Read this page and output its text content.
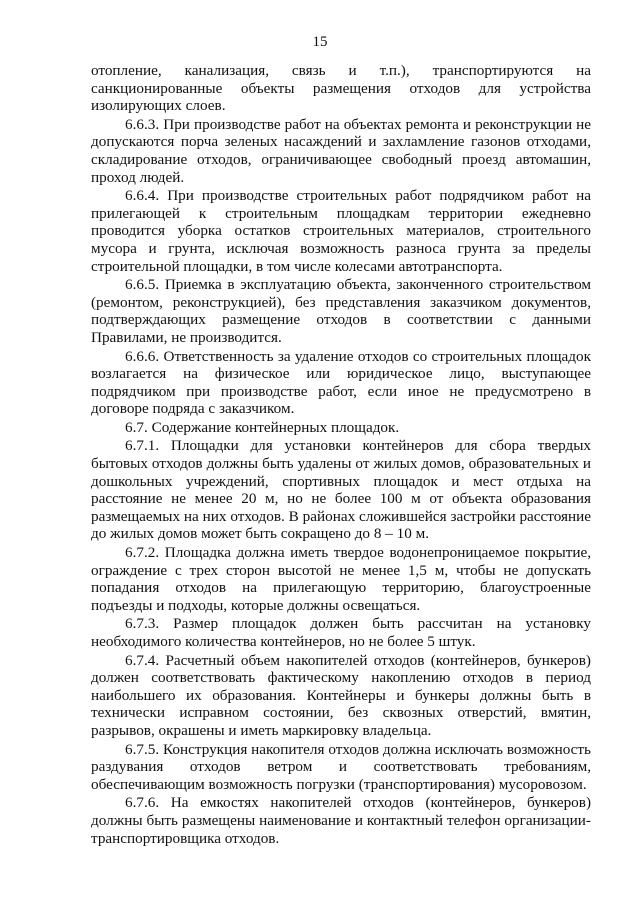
15

отопление, канализация, связь и т.п.), транспортируются на санкционированные объекты размещения отходов для устройства изолирующих слоев.

6.6.3. При производстве работ на объектах ремонта и реконструкции не допускаются порча зеленых насаждений и захламление газонов отходами, складирование отходов, ограничивающее свободный проезд автомашин, проход людей.

6.6.4. При производстве строительных работ подрядчиком работ на прилегающей к строительным площадкам территории ежедневно проводится уборка остатков строительных материалов, строительного мусора и грунта, исключая возможность разноса грунта за пределы строительной площадки, в том числе колесами автотранспорта.

6.6.5. Приемка в эксплуатацию объекта, законченного строительством (ремонтом, реконструкцией), без представления заказчиком документов, подтверждающих размещение отходов в соответствии с данными Правилами, не производится.

6.6.6. Ответственность за удаление отходов со строительных площадок возлагается на физическое или юридическое лицо, выступающее подрядчиком при производстве работ, если иное не предусмотрено в договоре подряда с заказчиком.

6.7. Содержание контейнерных площадок.

6.7.1. Площадки для установки контейнеров для сбора твердых бытовых отходов должны быть удалены от жилых домов, образовательных и дошкольных учреждений, спортивных площадок и мест отдыха на расстояние не менее 20 м, но не более 100 м от объекта образования размещаемых на них отходов. В районах сложившейся застройки расстояние до жилых домов может быть сокращено до 8 – 10 м.

6.7.2. Площадка должна иметь твердое водонепроницаемое покрытие, ограждение с трех сторон высотой не менее 1,5 м, чтобы не допускать попадания отходов на прилегающую территорию, благоустроенные подъезды и подходы, которые должны освещаться.

6.7.3. Размер площадок должен быть рассчитан на установку необходимого количества контейнеров, но не более 5 штук.

6.7.4. Расчетный объем накопителей отходов (контейнеров, бункеров) должен соответствовать фактическому накоплению отходов в период наибольшего их образования. Контейнеры и бункеры должны быть в технически исправном состоянии, без сквозных отверстий, вмятин, разрывов, окрашены и иметь маркировку владельца.

6.7.5. Конструкция накопителя отходов должна исключать возможность раздувания отходов ветром и соответствовать требованиям, обеспечивающим возможность погрузки (транспортирования) мусоровозом.

6.7.6. На емкостях накопителей отходов (контейнеров, бункеров) должны быть размещены наименование и контактный телефон организации-транспортировщика отходов.
